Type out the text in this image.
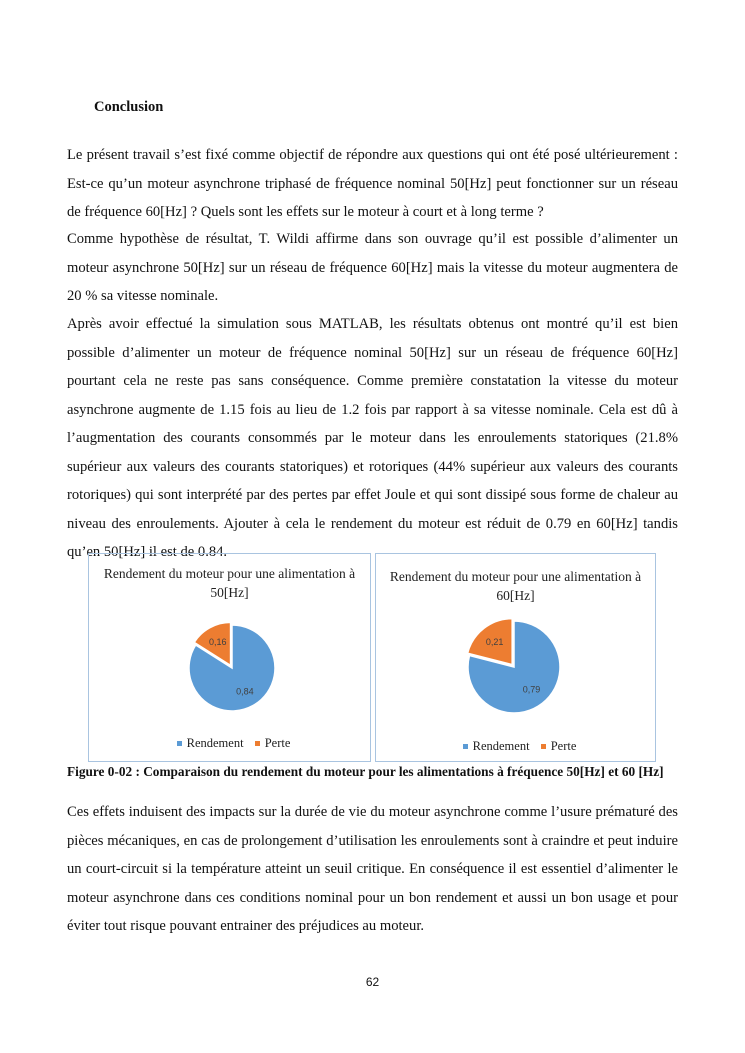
Conclusion

Le présent travail s’est fixé comme objectif de répondre aux questions qui ont été posé ultérieurement : Est-ce qu’un moteur asynchrone triphasé de fréquence nominal 50[Hz] peut fonctionner sur un réseau de fréquence 60[Hz] ? Quels sont les effets sur le moteur à court et à long terme ?

Comme hypothèse de résultat, T. Wildi affirme dans son ouvrage qu’il est possible d’alimenter un moteur asynchrone 50[Hz] sur un réseau de fréquence 60[Hz] mais la vitesse du moteur augmentera de 20 % sa vitesse nominale.

Après avoir effectué la simulation sous MATLAB, les résultats obtenus ont montré qu’il est bien possible d’alimenter un moteur de fréquence nominal 50[Hz] sur un réseau de fréquence 60[Hz] pourtant cela ne reste pas sans conséquence. Comme première constatation la vitesse du moteur asynchrone augmente de 1.15 fois au lieu de 1.2 fois par rapport à sa vitesse nominale. Cela est dû à l’augmentation des courants consommés par le moteur dans les enroulements statoriques (21.8% supérieur aux valeurs des courants statoriques) et rotoriques (44% supérieur aux valeurs des courants rotoriques) qui sont interprété par des pertes par effet Joule et qui sont dissipé sous forme de chaleur au niveau des enroulements. Ajouter à cela le rendement du moteur est réduit de 0.79 en 60[Hz] tandis qu’en 50[Hz] il est de 0.84.

Rendement du moteur pour une alimentation à 50[Hz]
0,84
0,16
Rendement Perte
Rendement du moteur pour une alimentation à 60[Hz]
0,79
0,21
Rendement Perte
Figure 0-02 : Comparaison du rendement du moteur pour les alimentations à fréquence 50[Hz] et 60 [Hz]

Ces effets induisent des impacts sur la durée de vie du moteur asynchrone comme l’usure prématuré des pièces mécaniques, en cas de prolongement d’utilisation les enroulements sont à craindre et peut induire un court-circuit si la température atteint un seuil critique. En conséquence il est essentiel d’alimenter le moteur asynchrone dans ces conditions nominal pour un bon rendement et aussi un bon usage et pour éviter tout risque pouvant entrainer des préjudices au moteur.

62
